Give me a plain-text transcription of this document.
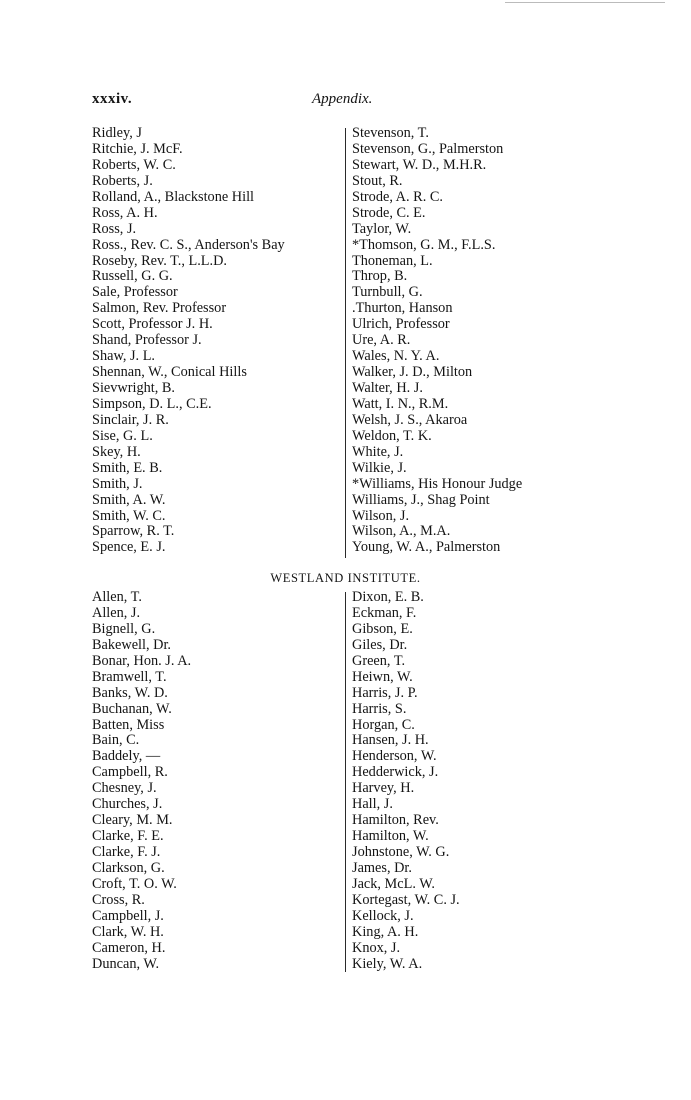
xxxiv.	Appendix.
Ridley, J
Ritchie, J. McF.
Roberts, W. C.
Roberts, J.
Rolland, A., Blackstone Hill
Ross, A. H.
Ross, J.
Ross., Rev. C. S., Anderson's Bay
Roseby, Rev. T., L.L.D.
Russell, G. G.
Sale, Professor
Salmon, Rev. Professor
Scott, Professor J. H.
Shand, Professor J.
Shaw, J. L.
Shennan, W., Conical Hills
Sievwright, B.
Simpson, D. L., C.E.
Sinclair, J. R.
Sise, G. L.
Skey, H.
Smith, E. B.
Smith, J.
Smith, A. W.
Smith, W. C.
Sparrow, R. T.
Spence, E. J.
Stevenson, T.
Stevenson, G., Palmerston
Stewart, W. D., M.H.R.
Stout, R.
Strode, A. R. C.
Strode, C. E.
Taylor, W.
*Thomson, G. M., F.L.S.
Thoneman, L.
Throp, B.
Turnbull, G.
.Thurton, Hanson
Ulrich, Professor
Ure, A. R.
Wales, N. Y. A.
Walker, J. D., Milton
Walter, H. J.
Watt, I. N., R.M.
Welsh, J. S., Akaroa
Weldon, T. K.
White, J.
Wilkie, J.
*Williams, His Honour Judge
Williams, J., Shag Point
Wilson, J.
Wilson, A., M.A.
Young, W. A., Palmerston
WESTLAND INSTITUTE.
Allen, T.
Allen, J.
Bignell, G.
Bakewell, Dr.
Bonar, Hon. J. A.
Bramwell, T.
Banks, W. D.
Buchanan, W.
Batten, Miss
Bain, C.
Baddely, —
Campbell, R.
Chesney, J.
Churches, J.
Cleary, M. M.
Clarke, F. E.
Clarke, F. J.
Clarkson, G.
Croft, T. O. W.
Cross, R.
Campbell, J.
Clark, W. H.
Cameron, H.
Duncan, W.
Dixon, E. B.
Eckman, F.
Gibson, E.
Giles, Dr.
Green, T.
Heiwn, W.
Harris, J. P.
Harris, S.
Horgan, C.
Hansen, J. H.
Henderson, W.
Hedderwick, J.
Harvey, H.
Hall, J.
Hamilton, Rev.
Hamilton, W.
Johnstone, W. G.
James, Dr.
Jack, McL. W.
Kortegast, W. C. J.
Kellock, J.
King, A. H.
Knox, J.
Kiely, W. A.
